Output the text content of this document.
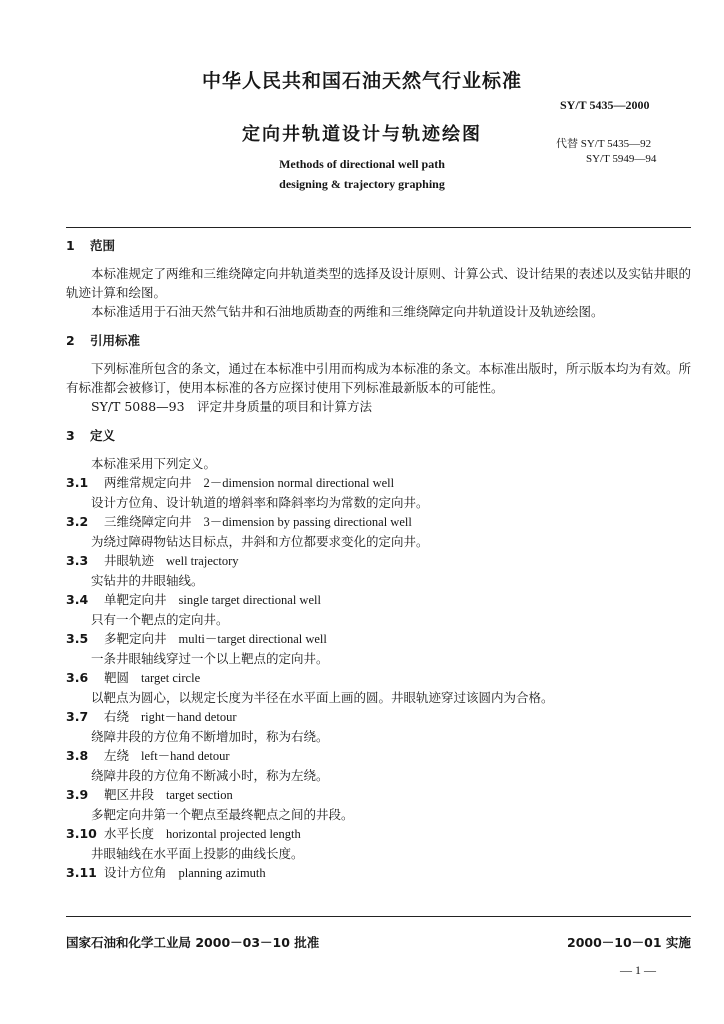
中华人民共和国石油天然气行业标准
SY/T 5435—2000
定向井轨道设计与轨迹绘图	代替 SY/T 5435—92
SY/T 5949—94
Methods of directional well path
designing & trajectory graphing
1 范围

本标准规定了两维和三维绕障定向井轨道类型的选择及设计原则、计算公式、设计结果的表述以及实钻井眼的轨迹计算和绘图。

本标准适用于石油天然气钻井和石油地质勘查的两维和三维绕障定向井轨道设计及轨迹绘图。

2 引用标准

下列标准所包含的条文，通过在本标准中引用而构成为本标准的条文。本标准出版时，所示版本均为有效。所有标准都会被修订，使用本标准的各方应探讨使用下列标准最新版本的可能性。

SY/T 5088—93　评定井身质量的项目和计算方法

3 定义

本标准采用下列定义。

3.1 两维常规定向井 2－dimension normal directional well
设计方位角、设计轨道的增斜率和降斜率均为常数的定向井。
3.2 三维绕障定向井 3－dimension by passing directional well
为绕过障碍物钻达目标点，井斜和方位都要求变化的定向井。
3.3 井眼轨迹 well trajectory
实钻井的井眼轴线。
3.4 单靶定向井 single target directional well
只有一个靶点的定向井。
3.5 多靶定向井 multi－target directional well
一条井眼轴线穿过一个以上靶点的定向井。
3.6 靶圆 target circle
以靶点为圆心，以规定长度为半径在水平面上画的圆。井眼轨迹穿过该圆内为合格。
3.7 右绕 right－hand detour
绕障井段的方位角不断增加时，称为右绕。
3.8 左绕 left－hand detour
绕障井段的方位角不断减小时，称为左绕。
3.9 靶区井段 target section
多靶定向井第一个靶点至最终靶点之间的井段。
3.10 水平长度 horizontal projected length
井眼轴线在水平面上投影的曲线长度。
3.11 设计方位角 planning azimuth
国家石油和化学工业局 2000－03－10 批准	2000－10－01 实施
— 1 —
